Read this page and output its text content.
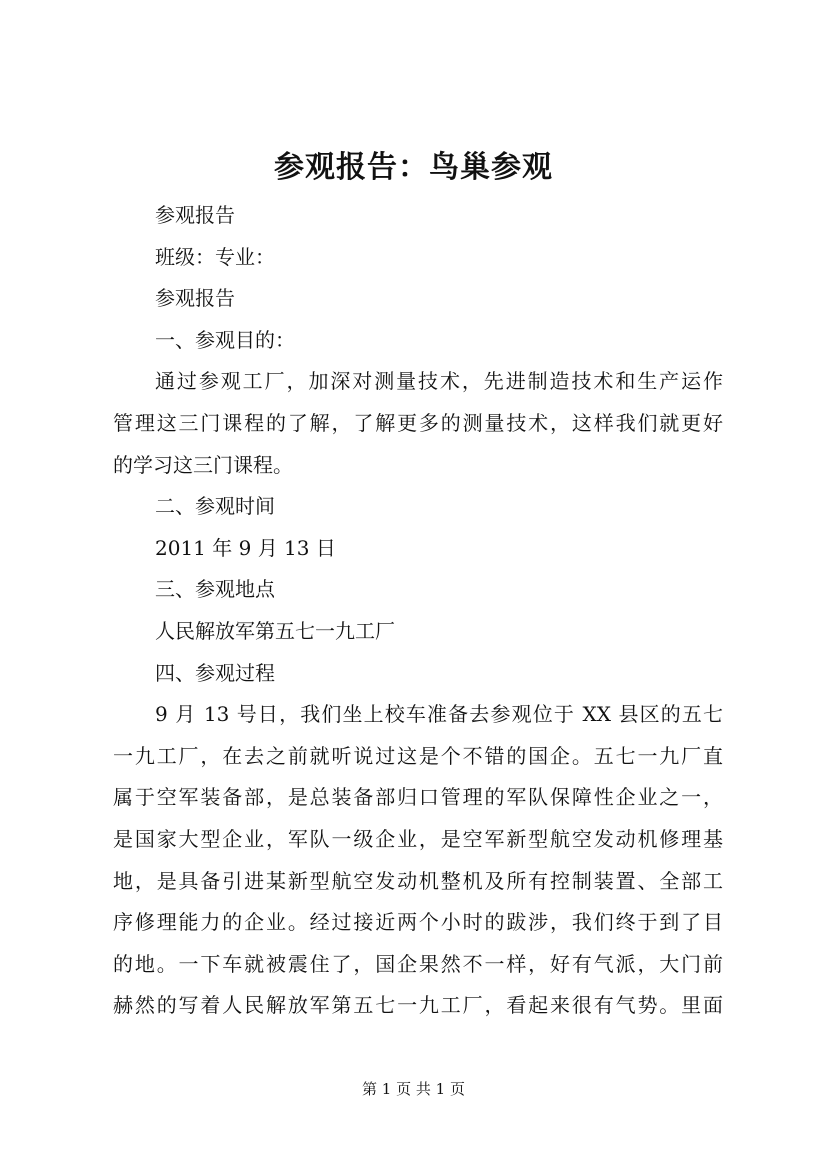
参观报告：鸟巢参观
参观报告
班级：专业：
参观报告
一、参观目的：
通过参观工厂，加深对测量技术，先进制造技术和生产运作
管理这三门课程的了解，了解更多的测量技术，这样我们就更好
的学习这三门课程。
二、参观时间
2011 年 9 月 13 日
三、参观地点
人民解放军第五七一九工厂
四、参观过程
9 月 13 号日，我们坐上校车准备去参观位于 XX 县区的五七
一九工厂，在去之前就听说过这是个不错的国企。五七一九厂直
属于空军装备部，是总装备部归口管理的军队保障性企业之一，
是国家大型企业，军队一级企业，是空军新型航空发动机修理基
地，是具备引进某新型航空发动机整机及所有控制装置、全部工
序修理能力的企业。经过接近两个小时的跋涉，我们终于到了目
的地。一下车就被震住了，国企果然不一样，好有气派，大门前
赫然的写着人民解放军第五七一九工厂，看起来很有气势。里面
第 1 页 共 1 页
